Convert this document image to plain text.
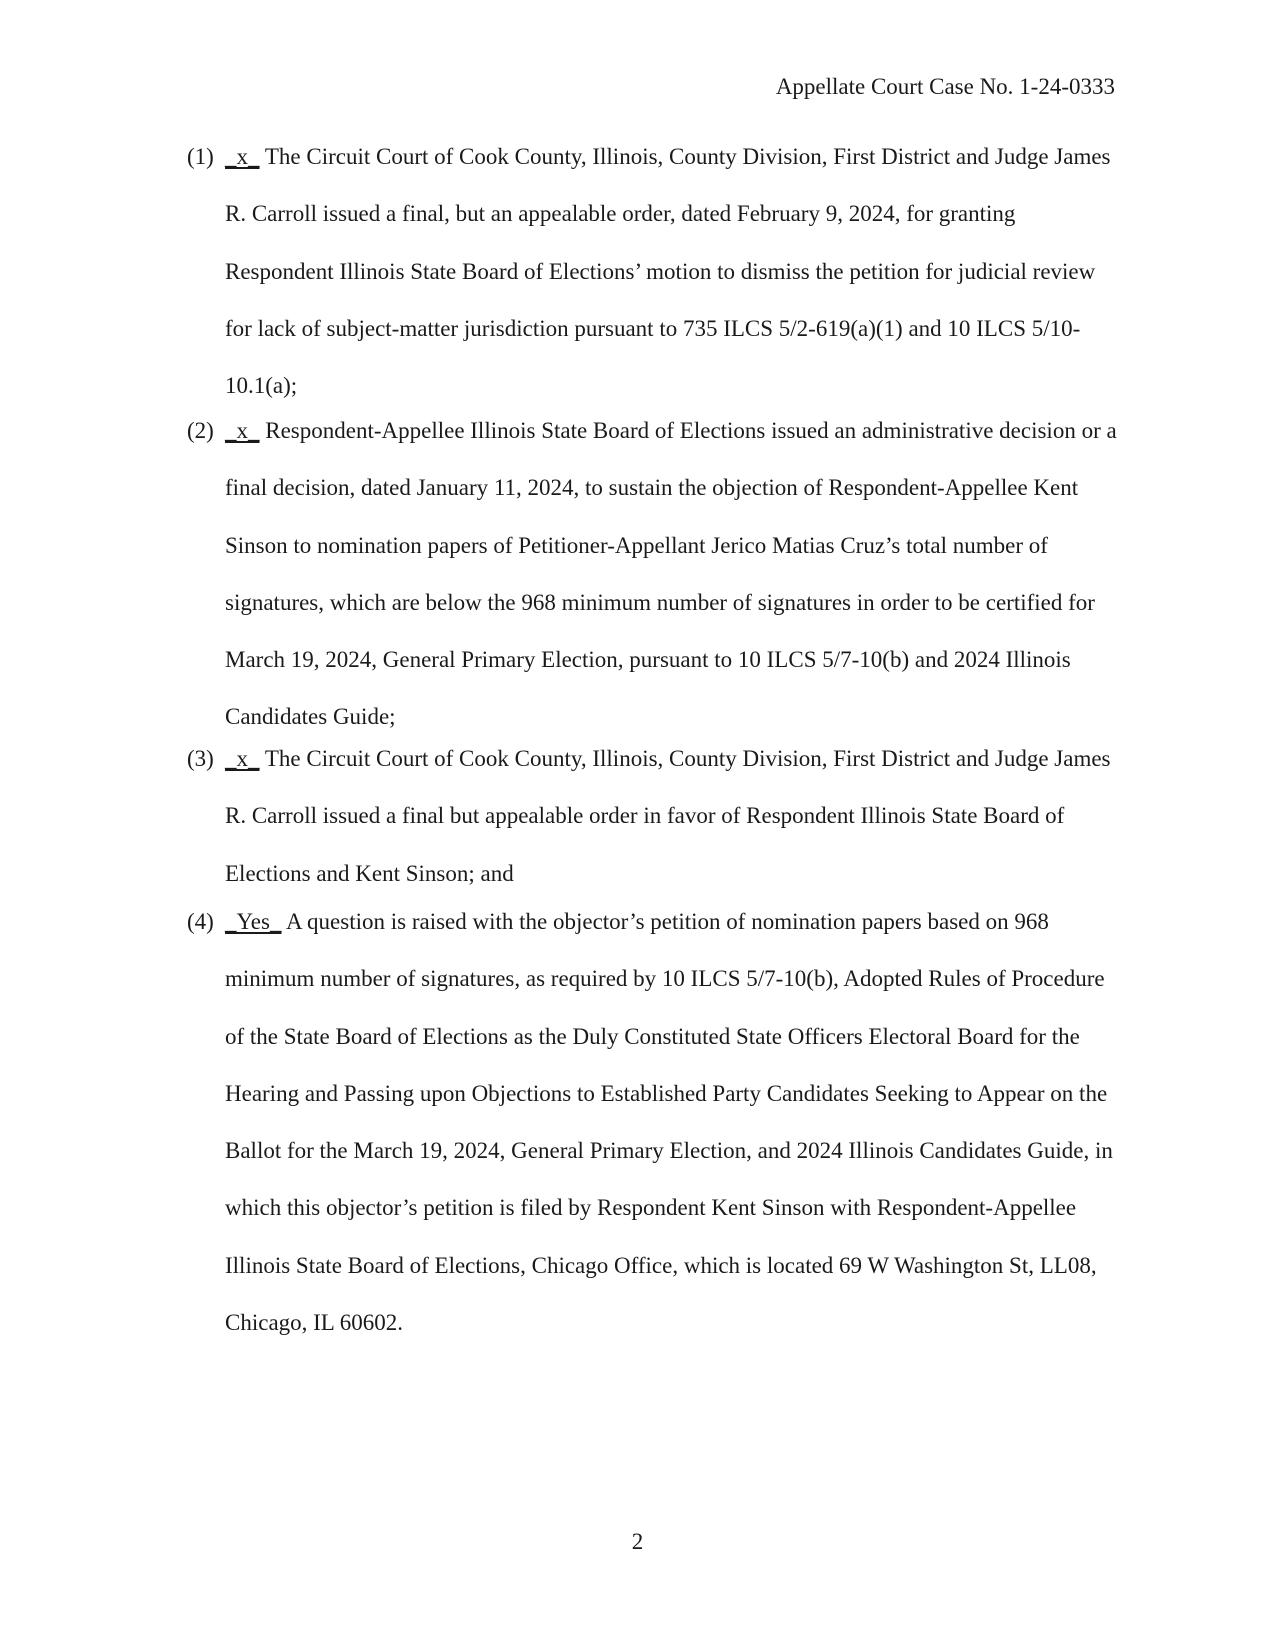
Appellate Court Case No. 1-24-0333
(1) _x_ The Circuit Court of Cook County, Illinois, County Division, First District and Judge James R. Carroll issued a final, but an appealable order, dated February 9, 2024, for granting Respondent Illinois State Board of Elections’ motion to dismiss the petition for judicial review for lack of subject-matter jurisdiction pursuant to 735 ILCS 5/2-619(a)(1) and 10 ILCS 5/10-10.1(a);
(2) _x_ Respondent-Appellee Illinois State Board of Elections issued an administrative decision or a final decision, dated January 11, 2024, to sustain the objection of Respondent-Appellee Kent Sinson to nomination papers of Petitioner-Appellant Jerico Matias Cruz’s total number of signatures, which are below the 968 minimum number of signatures in order to be certified for March 19, 2024, General Primary Election, pursuant to 10 ILCS 5/7-10(b) and 2024 Illinois Candidates Guide;
(3) _x_ The Circuit Court of Cook County, Illinois, County Division, First District and Judge James R. Carroll issued a final but appealable order in favor of Respondent Illinois State Board of Elections and Kent Sinson; and
(4) _Yes_ A question is raised with the objector’s petition of nomination papers based on 968 minimum number of signatures, as required by 10 ILCS 5/7-10(b), Adopted Rules of Procedure of the State Board of Elections as the Duly Constituted State Officers Electoral Board for the Hearing and Passing upon Objections to Established Party Candidates Seeking to Appear on the Ballot for the March 19, 2024, General Primary Election, and 2024 Illinois Candidates Guide, in which this objector’s petition is filed by Respondent Kent Sinson with Respondent-Appellee Illinois State Board of Elections, Chicago Office, which is located 69 W Washington St, LL08, Chicago, IL 60602.
2
